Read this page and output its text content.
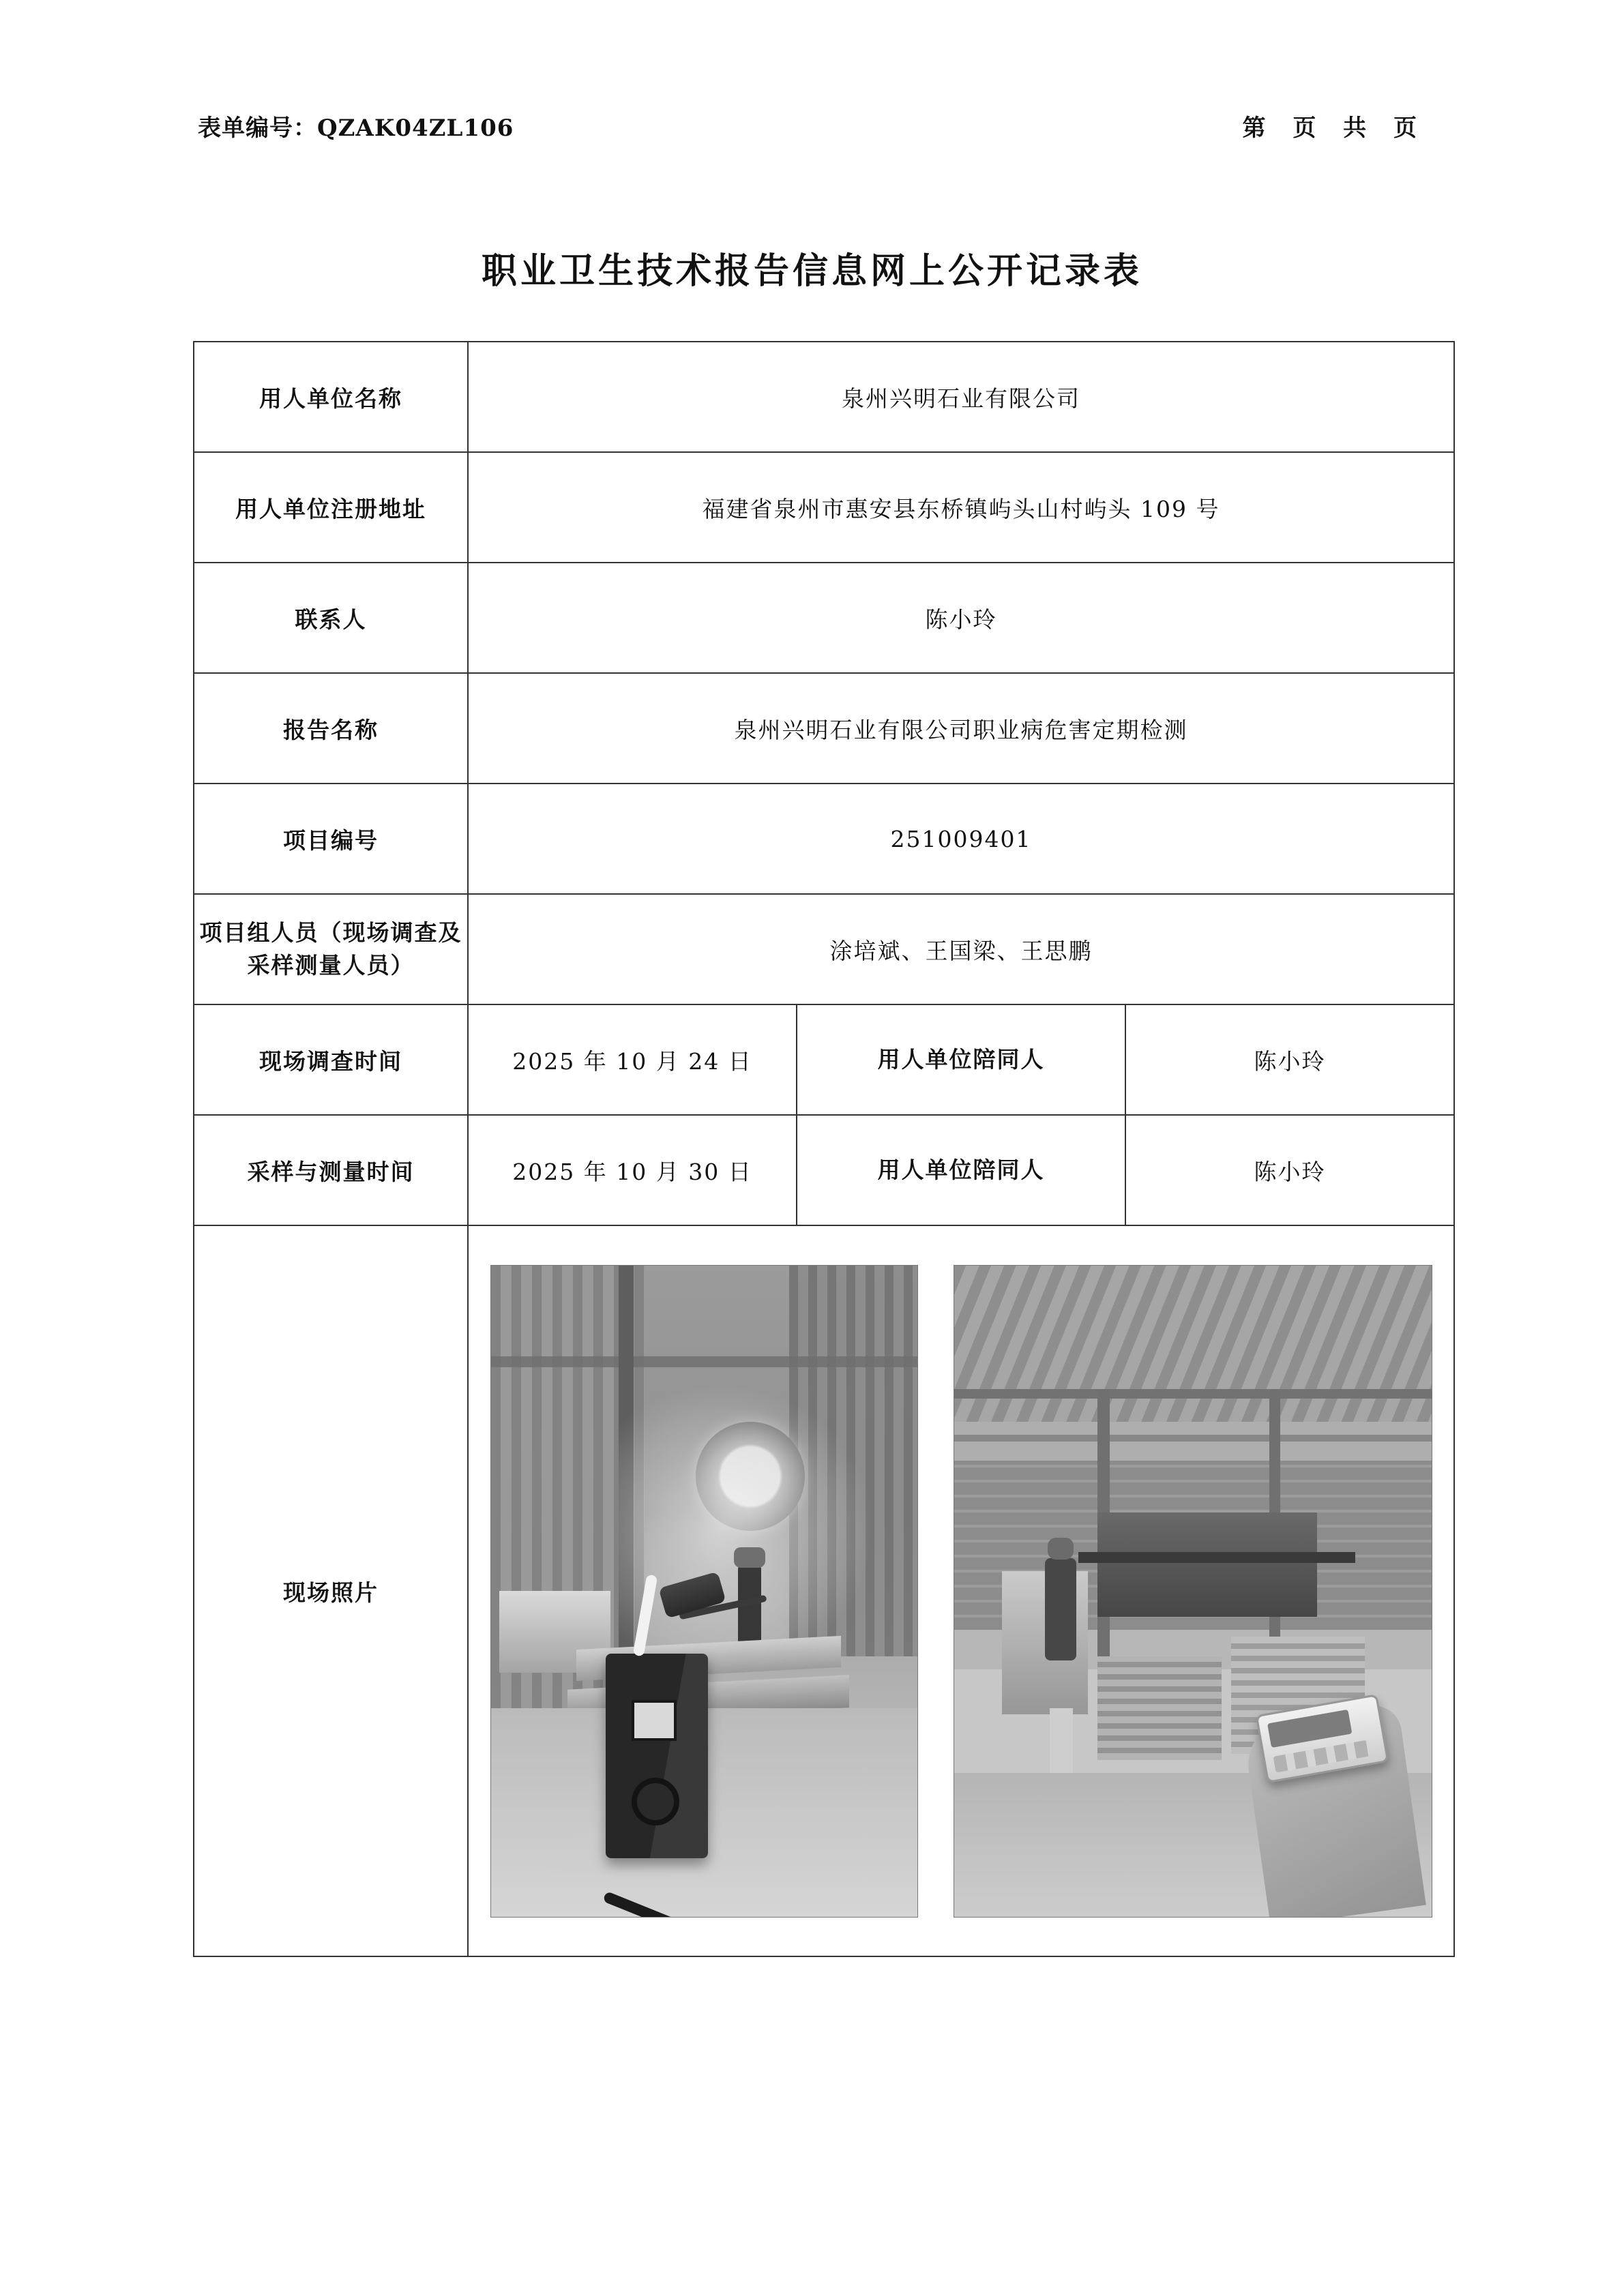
表单编号：QZAK04ZL106	第 页 共 页
职业卫生技术报告信息网上公开记录表
用人单位名称	泉州兴明石业有限公司		
用人单位注册地址	福建省泉州市惠安县东桥镇屿头山村屿头 109 号		
联系人	陈小玲		
报告名称	泉州兴明石业有限公司职业病危害定期检测		
项目编号	251009401		
项目组人员（现场调查及采样测量人员）	涂培斌、王国梁、王思鹏		
现场调查时间	2025 年 10 月 24 日	用人单位陪同人	陈小玲
采样与测量时间	2025 年 10 月 30 日	用人单位陪同人	陈小玲
现场照片			
